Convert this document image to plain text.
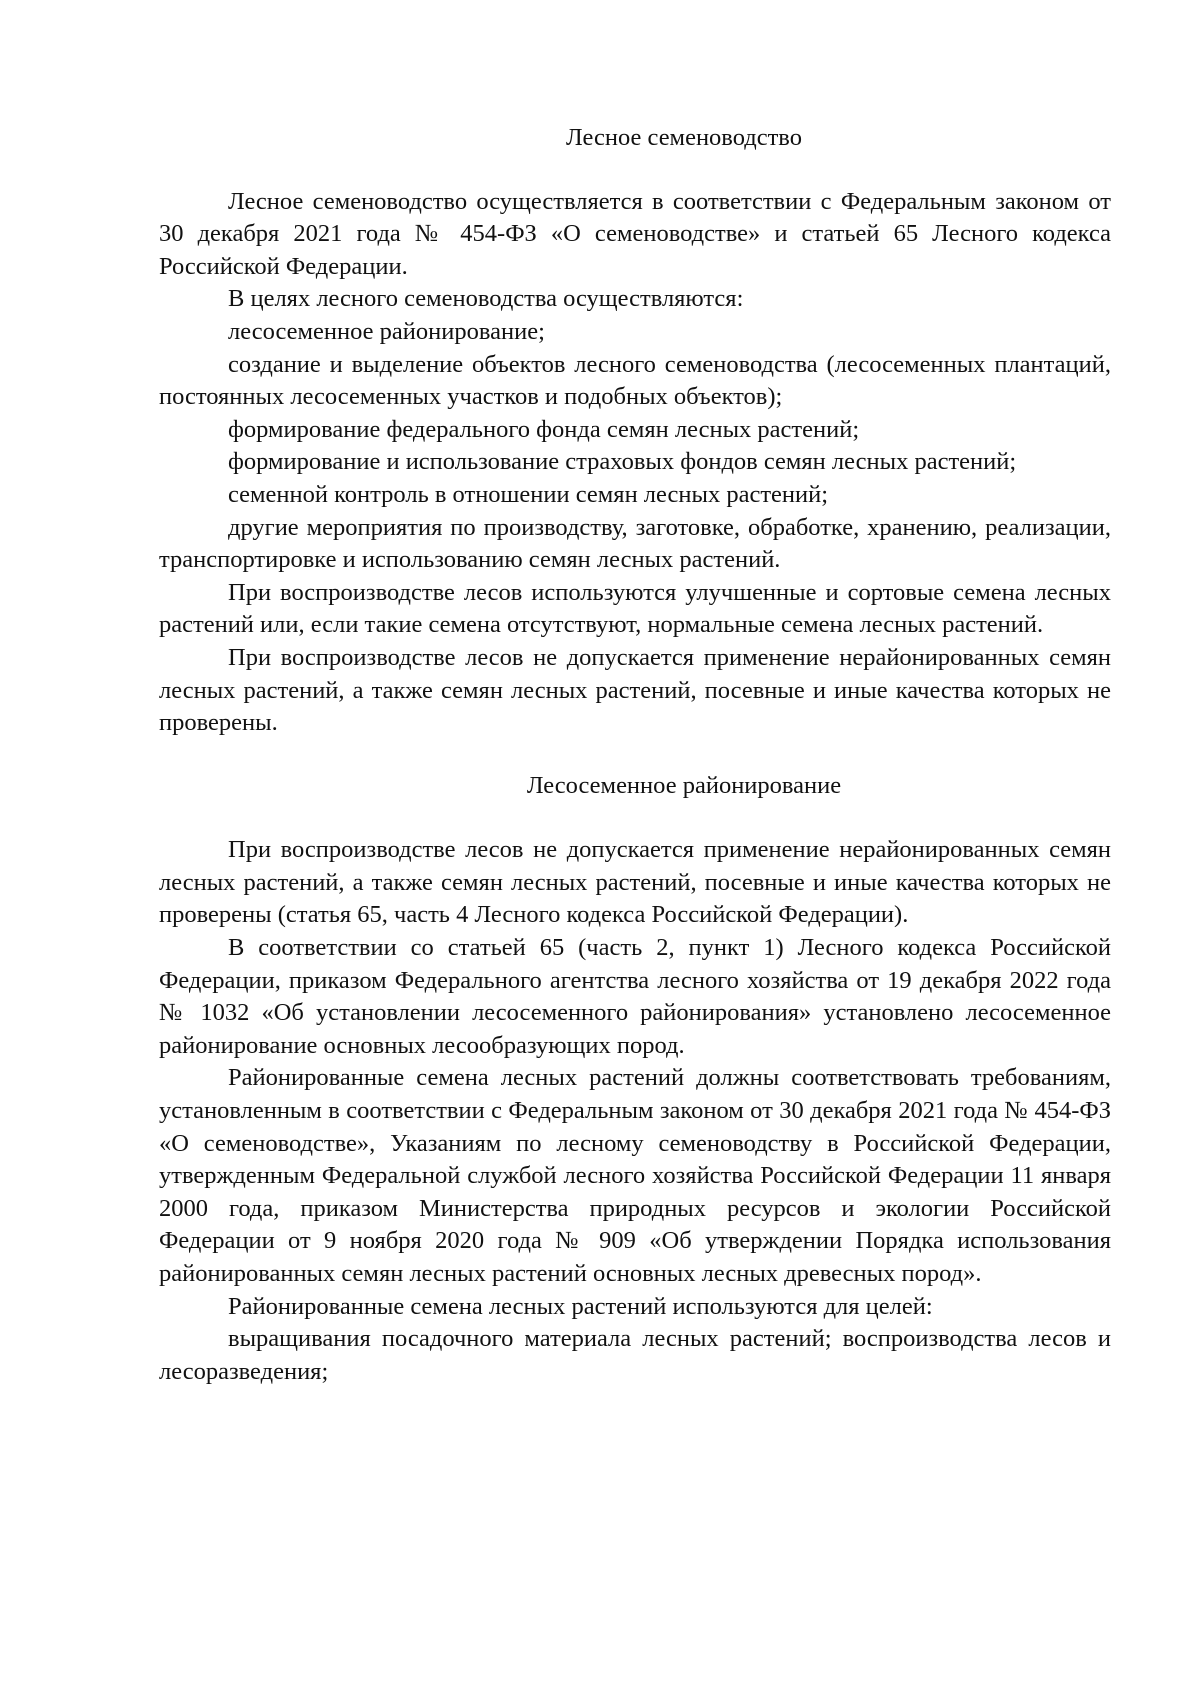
Лесное семеноводство

Лесное семеноводство осуществляется в соответствии с Федеральным законом от 30 декабря 2021 года № 454-ФЗ «О семеноводстве» и статьей 65 Лесного кодекса Российской Федерации.

В целях лесного семеноводства осуществляются:

лесосеменное районирование;

создание и выделение объектов лесного семеноводства (лесосеменных плантаций, постоянных лесосеменных участков и подобных объектов);

формирование федерального фонда семян лесных растений;

формирование и использование страховых фондов семян лесных растений;

семенной контроль в отношении семян лесных растений;

другие мероприятия по производству, заготовке, обработке, хранению, реализации, транспортировке и использованию семян лесных растений.

При воспроизводстве лесов используются улучшенные и сортовые семена лесных растений или, если такие семена отсутствуют, нормальные семена лесных растений.

При воспроизводстве лесов не допускается применение нерайонированных семян лесных растений, а также семян лесных растений, посевные и иные качества которых не проверены.

Лесосеменное районирование

При воспроизводстве лесов не допускается применение нерайонированных семян лесных растений, а также семян лесных растений, посевные и иные качества которых не проверены (статья 65, часть 4 Лесного кодекса Российской Федерации).

В соответствии со статьей 65 (часть 2, пункт 1) Лесного кодекса Российской Федерации, приказом Федерального агентства лесного хозяйства от 19 декабря 2022 года № 1032 «Об установлении лесосеменного районирования» установлено лесосеменное районирование основных лесообразующих пород.

Районированные семена лесных растений должны соответствовать требованиям, установленным в соответствии с Федеральным законом от 30 декабря 2021 года № 454-ФЗ «О семеноводстве», Указаниям по лесному семеноводству в Российской Федерации, утвержденным Федеральной службой лесного хозяйства Российской Федерации 11 января 2000 года, приказом Министерства природных ресурсов и экологии Российской Федерации от 9 ноября 2020 года № 909 «Об утверждении Порядка использования районированных семян лесных растений основных лесных древесных пород».

Районированные семена лесных растений используются для целей:

выращивания посадочного материала лесных растений; воспроизводства лесов и лесоразведения;
